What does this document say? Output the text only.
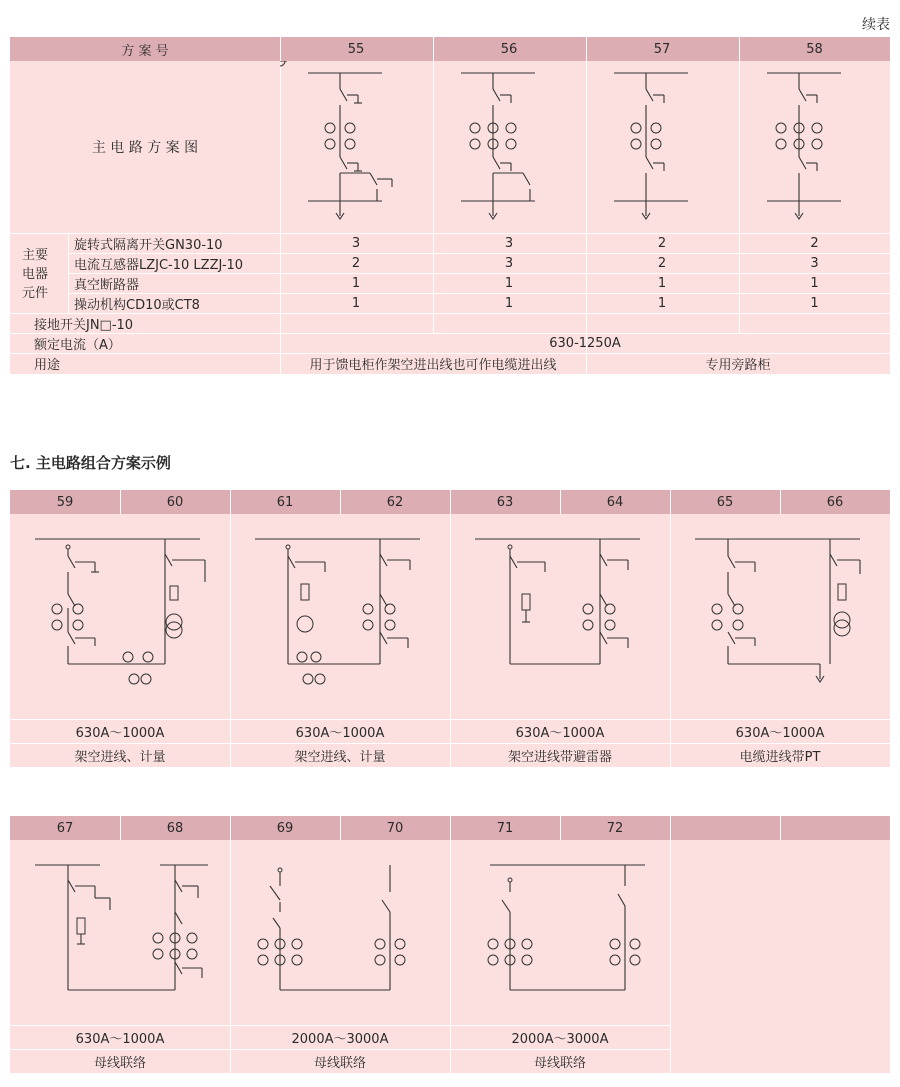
续表
方 案 号	55	56	57	58
主 电 路 方 案 图
主要
电器
元件
旋转式隔离开关GN30-10	3	3	2	2
电流互感器LZJC-10 LZZJ-10	2	3	2	3
真空断路器	1	1	1	1
操动机构CD10或CT8	1	1	1	1
接地开关JN□-10
额定电流（A）	630-1250A
用途	用于馈电柜作架空进出线也可作电缆进出线	专用旁路柜
七. 主电路组合方案示例
59	60	61	62	63	64	65	66
630A～1000A	630A～1000A	630A～1000A	630A～1000A
架空进线、计量	架空进线、计量	架空进线带避雷器	电缆进线带PT
67	68	69	70	71	72
630A～1000A	2000A～3000A	2000A～3000A
母线联络	母线联络	母线联络
